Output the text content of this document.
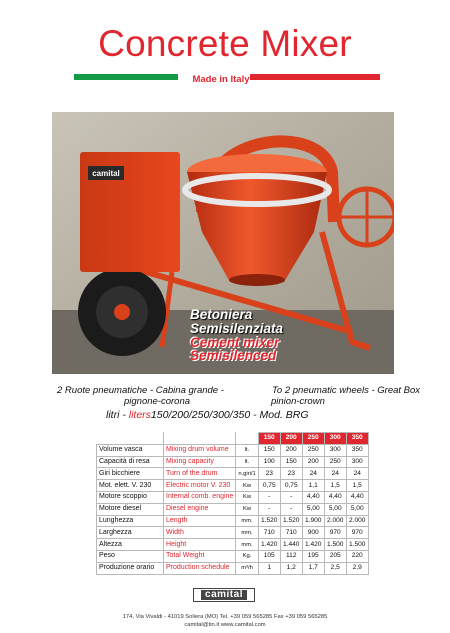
Concrete Mixer
Made in Italy
camital
Betoniera
Semisilenziata
Cement mixer
Semisilenced
2 Ruote pneumatiche - Cabina grande -
pignone-corona
To 2 pneumatic wheels - Great Box
pinion-crown
litri - liters150/200/250/300/350 - Mod. BRG
			150	200	250	300	350
Volume vasca	Mixing drum volume	lt.	150	200	250	300	350
Capacità di resa	Mixing capacity	lt.	100	150	200	250	300
Giri bicchiere	Turn of the drum	n.giri/1	23	23	24	24	24
Mot. elett. V. 230	Electric motor V. 230	Kw	0,75	0,75	1,1	1,5	1,5
Motore scoppio	Internal comb. engine	Kw	-	-	4,40	4,40	4,40
Motore diesel	Diesel engine	Kw	-	-	5,00	5,00	5,00
Lunghezza	Length	mm.	1.520	1.520	1.900	2.000	2.000
Larghezza	Width	mm.	710	710	900	970	970
Altezza	Height	mm.	1.420	1.440	1.420	1.500	1.500
Peso	Total Weight	Kg.	105	112	195	205	220
Produzione orario	Production schedule	m³/h	1	1,2	1,7	2,5	2,9
camital
174, Via Vivaldi - 41019 Soliera (MO) Tel. +39 059 565285 Fax +39 059 565285
camital@tin.it www.camital.com
